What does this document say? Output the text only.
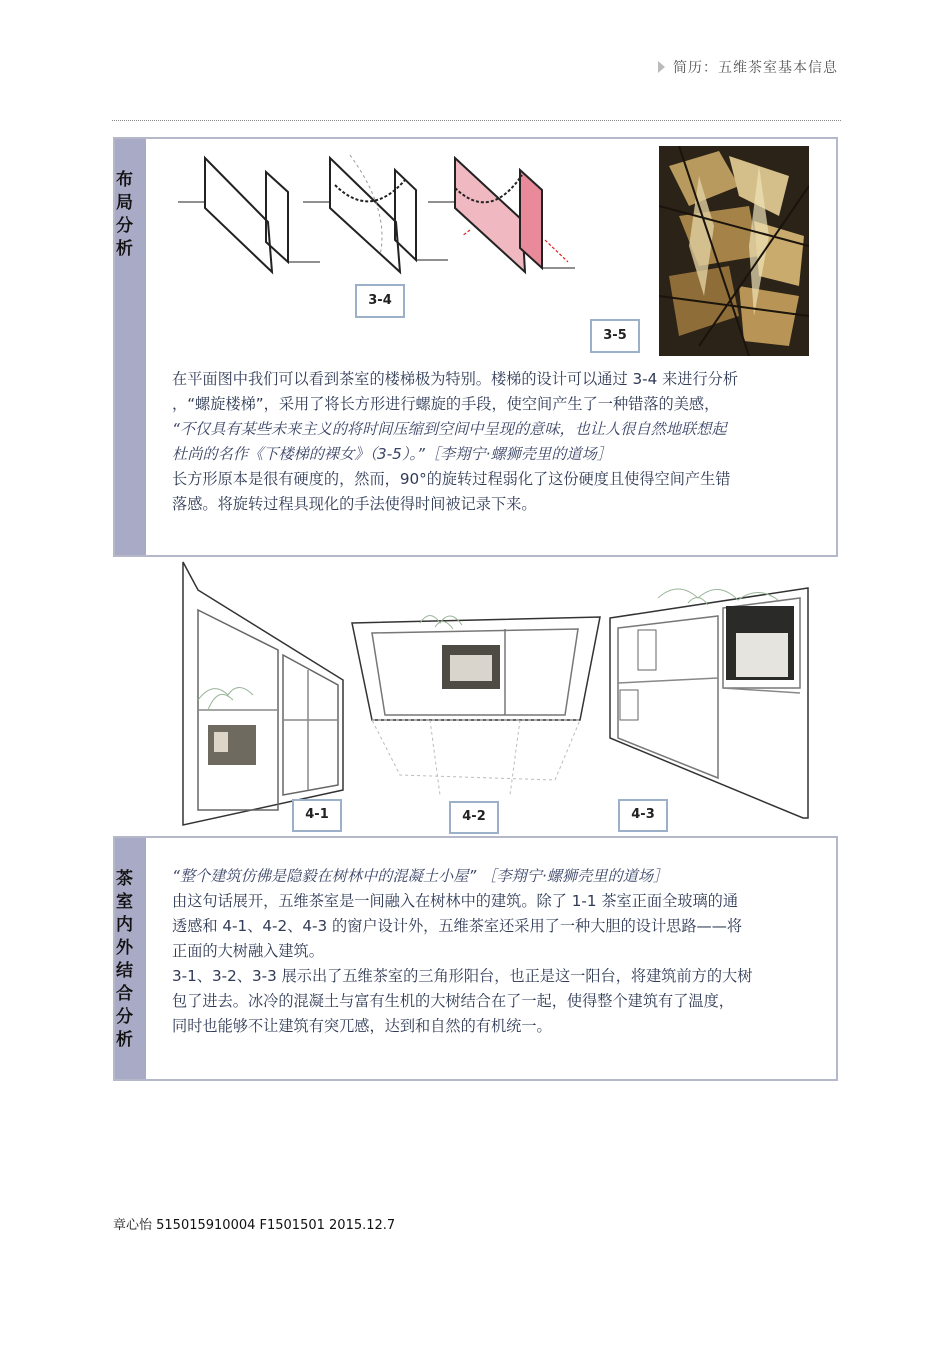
简历：五维茶室基本信息
布局分析
3-4
3-5
在平面图中我们可以看到茶室的楼梯极为特别。楼梯的设计可以通过 3-4 来进行分析
，“螺旋楼梯”，采用了将长方形进行螺旋的手段，使空间产生了一种错落的美感，
“不仅具有某些未来主义的将时间压缩到空间中呈现的意味，也让人很自然地联想起
杜尚的名作《下楼梯的裸女》（3-5）。”［李翔宁·螺狮壳里的道场］
长方形原本是很有硬度的，然而，90°的旋转过程弱化了这份硬度且使得空间产生错
落感。将旋转过程具现化的手法使得时间被记录下来。
4-1	4-2	4-3
茶室内外结合分析
“整个建筑仿佛是隐毅在树林中的混凝土小屋” ［李翔宁·螺狮壳里的道场］
由这句话展开，五维茶室是一间融入在树林中的建筑。除了 1-1 茶室正面全玻璃的通
透感和 4-1、4-2、4-3 的窗户设计外，五维茶室还采用了一种大胆的设计思路——将
正面的大树融入建筑。
3-1、3-2、3-3 展示出了五维茶室的三角形阳台，也正是这一阳台，将建筑前方的大树
包了进去。冰冷的混凝土与富有生机的大树结合在了一起，使得整个建筑有了温度，
同时也能够不让建筑有突兀感，达到和自然的有机统一。
章心怡 515015910004 F1501501 2015.12.7
